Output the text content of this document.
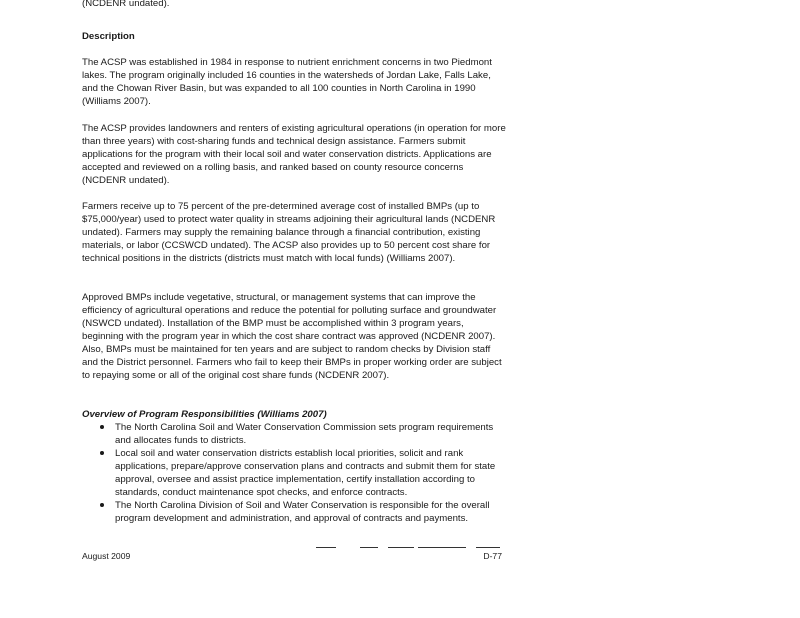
(NCDENR undated).
Description

The ACSP was established in 1984 in response to nutrient enrichment concerns in two Piedmont lakes. The program originally included 16 counties in the watersheds of Jordan Lake, Falls Lake, and the Chowan River Basin, but was expanded to all 100 counties in North Carolina in 1990 (Williams 2007).

The ACSP provides landowners and renters of existing agricultural operations (in operation for more than three years) with cost-sharing funds and technical design assistance. Farmers submit applications for the program with their local soil and water conservation districts. Applications are accepted and reviewed on a rolling basis, and ranked based on county resource concerns (NCDENR undated).

Farmers receive up to 75 percent of the pre-determined average cost of installed BMPs (up to $75,000/year) used to protect water quality in streams adjoining their agricultural lands (NCDENR undated). Farmers may supply the remaining balance through a financial contribution, existing materials, or labor (CCSWCD undated). The ACSP also provides up to 50 percent cost share for technical positions in the districts (districts must match with local funds) (Williams 2007).

Approved BMPs include vegetative, structural, or management systems that can improve the efficiency of agricultural operations and reduce the potential for polluting surface and groundwater (NSWCD undated). Installation of the BMP must be accomplished within 3 program years, beginning with the program year in which the cost share contract was approved (NCDENR 2007). Also, BMPs must be maintained for ten years and are subject to random checks by Division staff and the District personnel. Farmers who fail to keep their BMPs in proper working order are subject to repaying some or all of the original cost share funds (NCDENR 2007).

Overview of Program Responsibilities (Williams 2007)
The North Carolina Soil and Water Conservation Commission sets program requirements and allocates funds to districts.
Local soil and water conservation districts establish local priorities, solicit and rank applications, prepare/approve conservation plans and contracts and submit them for state approval, oversee and assist practice implementation, certify installation according to standards, conduct maintenance spot checks, and enforce contracts.
The North Carolina Division of Soil and Water Conservation is responsible for the overall program development and administration, and approval of contracts and payments.
August 2009	D-77
